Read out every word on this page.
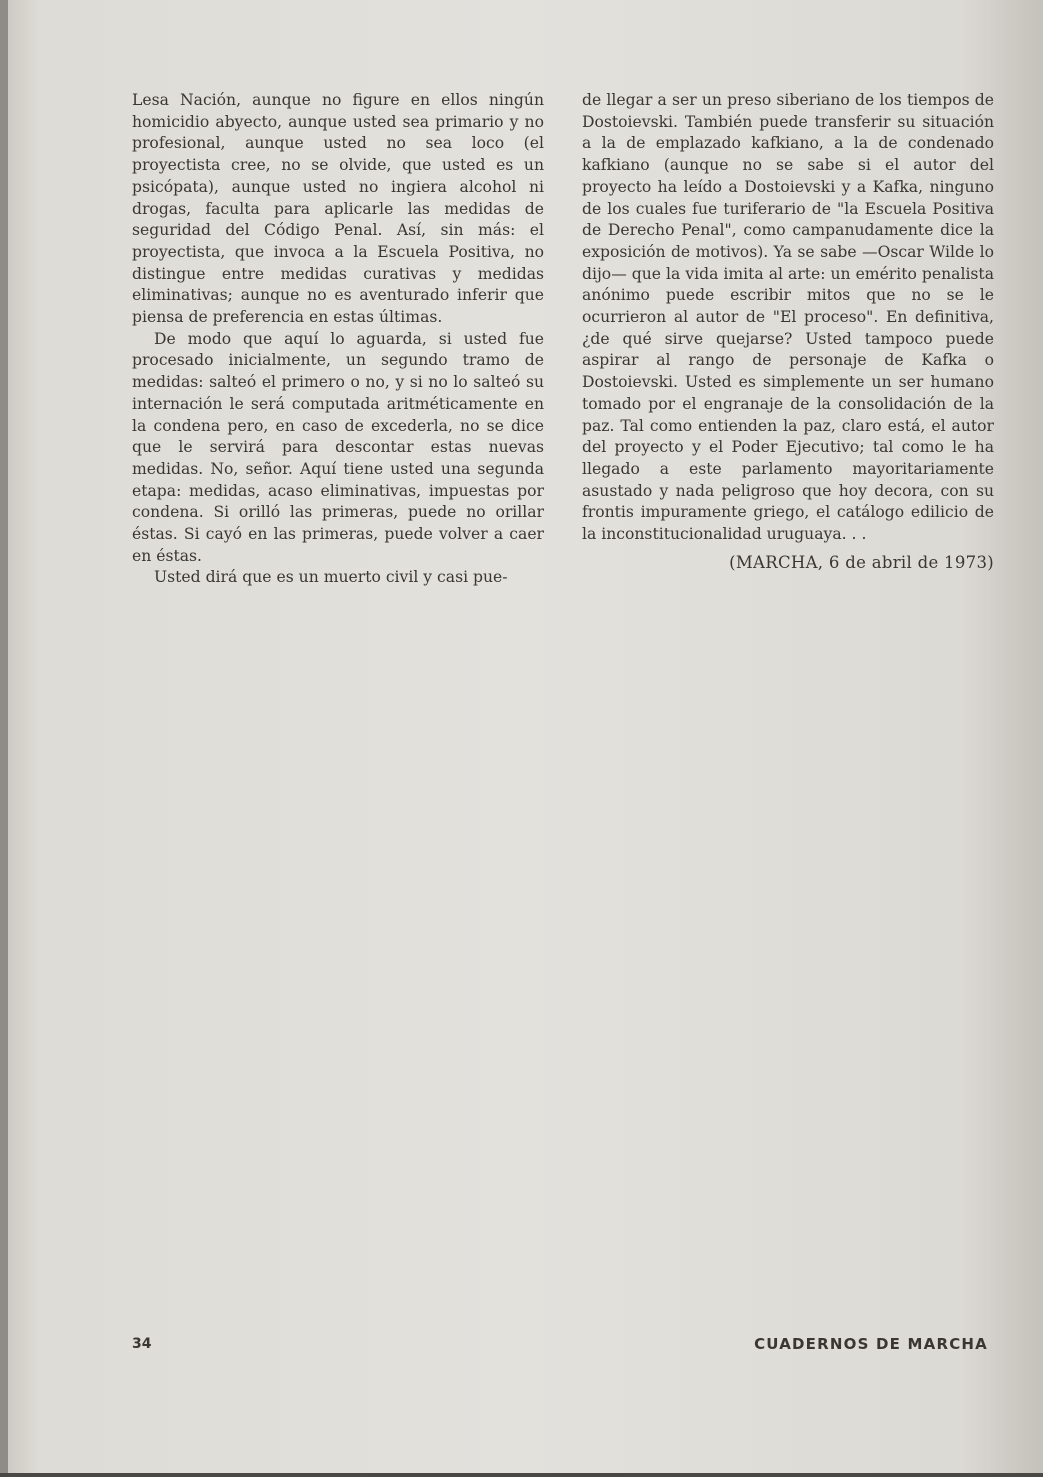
Lesa Nación, aunque no figure en ellos ningún homicidio abyecto, aunque usted sea primario y no profesional, aunque usted no sea loco (el proyectista cree, no se olvide, que usted es un psicópata), aunque usted no ingiera alcohol ni drogas, faculta para aplicarle las medidas de seguridad del Código Penal. Así, sin más: el proyectista, que invoca a la Escuela Positiva, no distingue entre medidas curativas y medidas eliminativas; aunque no es aventurado inferir que piensa de preferencia en estas últimas.

De modo que aquí lo aguarda, si usted fue procesado inicialmente, un segundo tramo de medidas: salteó el primero o no, y si no lo salteó su internación le será computada aritméticamente en la condena pero, en caso de excederla, no se dice que le servirá para descontar estas nuevas medidas. No, señor. Aquí tiene usted una segunda etapa: medidas, acaso eliminativas, impuestas por condena. Si orilló las primeras, puede no orillar éstas. Si cayó en las primeras, puede volver a caer en éstas.

Usted dirá que es un muerto civil y casi pue-

de llegar a ser un preso siberiano de los tiempos de Dostoievski. También puede transferir su situación a la de emplazado kafkiano, a la de condenado kafkiano (aunque no se sabe si el autor del proyecto ha leído a Dostoievski y a Kafka, ninguno de los cuales fue turiferario de "la Escuela Positiva de Derecho Penal", como campanudamente dice la exposición de motivos). Ya se sabe —Oscar Wilde lo dijo— que la vida imita al arte: un emérito penalista anónimo puede escribir mitos que no se le ocurrieron al autor de "El proceso". En definitiva, ¿de qué sirve quejarse? Usted tampoco puede aspirar al rango de personaje de Kafka o Dostoievski. Usted es simplemente un ser humano tomado por el engranaje de la consolidación de la paz. Tal como entienden la paz, claro está, el autor del proyecto y el Poder Ejecutivo; tal como le ha llegado a este parlamento mayoritariamente asustado y nada peligroso que hoy decora, con su frontis impuramente griego, el catálogo edilicio de la inconstitucionalidad uruguaya. . .

(MARCHA, 6 de abril de 1973)
34	CUADERNOS DE MARCHA
